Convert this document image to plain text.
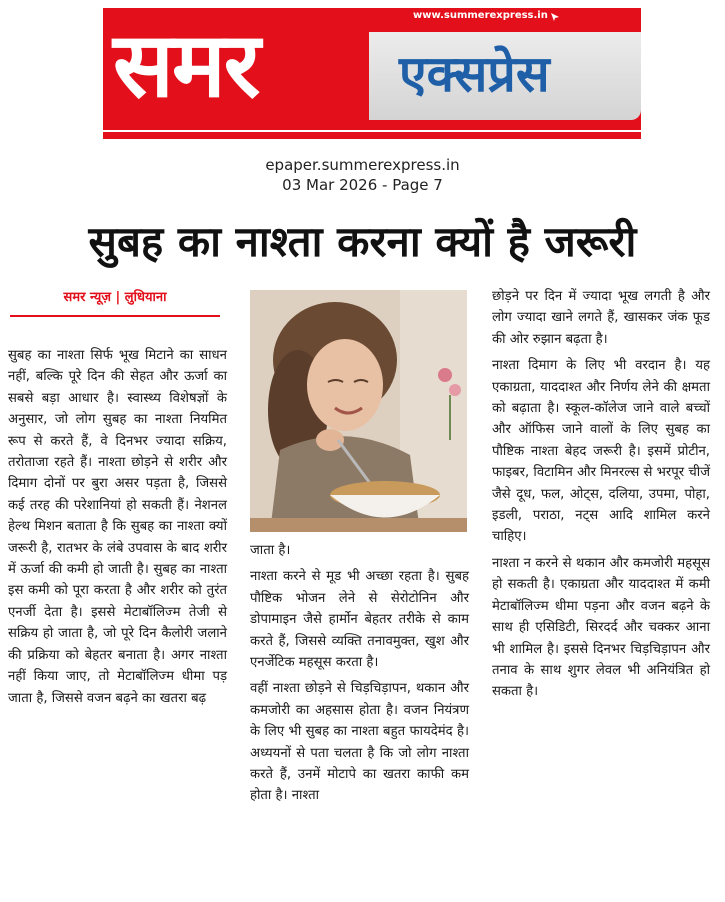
www.summerexpress.in
समर	एक्सप्रेस
epaper.summerexpress.in
03 Mar 2026 - Page 7
सुबह का नाश्ता करना क्यों है जरूरी
समर न्यूज़ | लुधियाना

सुबह का नाश्ता सिर्फ भूख मिटाने का साधन नहीं, बल्कि पूरे दिन की सेहत और ऊर्जा का सबसे बड़ा आधार है। स्वास्थ्य विशेषज्ञों के अनुसार, जो लोग सुबह का नाश्ता नियमित रूप से करते हैं, वे दिनभर ज्यादा सक्रिय, तरोताजा रहते हैं। नाश्ता छोड़ने से शरीर और दिमाग दोनों पर बुरा असर पड़ता है, जिससे कई तरह की परेशानियां हो सकती हैं। नेशनल हेल्थ मिशन बताता है कि सुबह का नाश्ता क्यों जरूरी है, रातभर के लंबे उपवास के बाद शरीर में ऊर्जा की कमी हो जाती है। सुबह का नाश्ता इस कमी को पूरा करता है और शरीर को तुरंत एनर्जी देता है। इससे मेटाबॉलिज्म तेजी से सक्रिय हो जाता है, जो पूरे दिन कैलोरी जलाने की प्रक्रिया को बेहतर बनाता है। अगर नाश्ता नहीं किया जाए, तो मेटाबॉलिज्म धीमा पड़ जाता है, जिससे वजन बढ़ने का खतरा बढ़

जाता है।

नाश्ता करने से मूड भी अच्छा रहता है। सुबह पौष्टिक भोजन लेने से सेरोटोनिन और डोपामाइन जैसे हार्मोन बेहतर तरीके से काम करते हैं, जिससे व्यक्ति तनावमुक्त, खुश और एनर्जेटिक महसूस करता है।

वहीं नाश्ता छोड़ने से चिड़चिड़ापन, थकान और कमजोरी का अहसास होता है। वजन नियंत्रण के लिए भी सुबह का नाश्ता बहुत फायदेमंद है। अध्ययनों से पता चलता है कि जो लोग नाश्ता करते हैं, उनमें मोटापे का खतरा काफी कम होता है। नाश्ता

छोड़ने पर दिन में ज्यादा भूख लगती है और लोग ज्यादा खाने लगते हैं, खासकर जंक फूड की ओर रुझान बढ़ता है।

नाश्ता दिमाग के लिए भी वरदान है। यह एकाग्रता, याददाश्त और निर्णय लेने की क्षमता को बढ़ाता है। स्कूल-कॉलेज जाने वाले बच्चों और ऑफिस जाने वालों के लिए सुबह का पौष्टिक नाश्ता बेहद जरूरी है। इसमें प्रोटीन, फाइबर, विटामिन और मिनरल्स से भरपूर चीजें जैसे दूध, फल, ओट्स, दलिया, उपमा, पोहा, इडली, पराठा, नट्स आदि शामिल करने चाहिए।

नाश्ता न करने से थकान और कमजोरी महसूस हो सकती है। एकाग्रता और याददाश्त में कमी मेटाबॉलिज्म धीमा पड़ना और वजन बढ़ने के साथ ही एसिडिटी, सिरदर्द और चक्कर आना भी शामिल है। इससे दिनभर चिड़चिड़ापन और तनाव के साथ शुगर लेवल भी अनियंत्रित हो सकता है।
